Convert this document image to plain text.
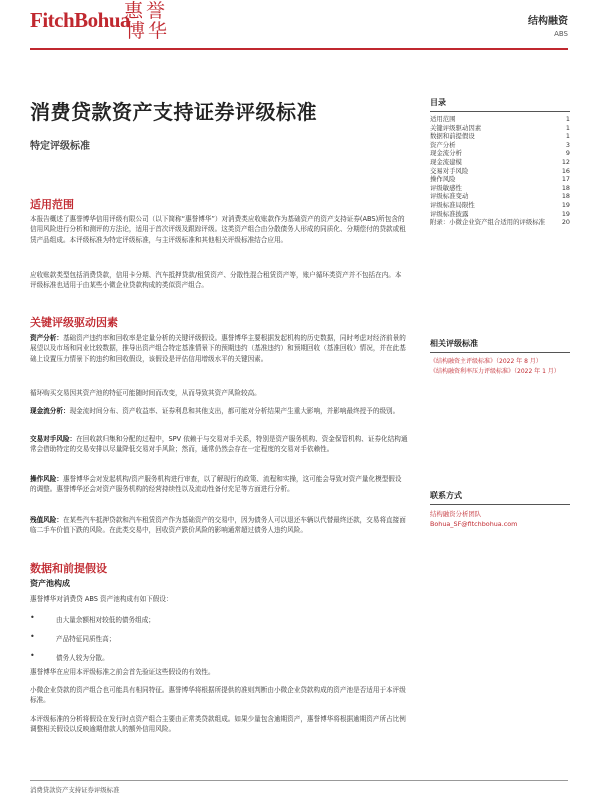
FitchBohua
惠 誉
博 华	结构融资
ABS
消费贷款资产支持证券评级标准
特定评级标准
适用范围
本报告概述了惠誉博华信用评级有限公司（以下简称“惠誉博华”）对消费类应收账款作为基础资产的资产支持证券(ABS)所包含的信用风险进行分析和测评的方法论，适用于首次评级及跟踪评级。这类资产组合由分散债务人形成的同质化、分期偿付的贷款或租赁产品组成。本评级标准为特定评级标准，与主评级标准和其他相关评级标准结合应用。
应收账款类型包括消费贷款，信用卡分期、汽车抵押贷款/租赁资产、分散性混合租赁资产等，账户循环类资产并不包括在内。本评级标准也适用于由某些小微企业贷款构成的类似资产组合。
关键评级驱动因素
资产分析：基础资产违约率和回收率是定量分析的关键评级假设。惠誉博华主要根据发起机构的历史数据，同时考虑对经济前景的展望以及市场和同业比较数据，推导出资产组合特定基准情景下的预期违约（基准违约）和预期回收（基准回收）情况，并在此基础上设置压力情景下的违约和回收假设，该假设是评估信用增级水平的关键因素。
循环购买交易因其资产池的特征可能随时间而改变，从而导致其资产风险较高。
现金流分析：现金流时间分布、资产收益率、证券利息和其他支出，都可能对分析结果产生重大影响，并影响最终授予的级别。
交易对手风险：在回收款归集和分配的过程中，SPV 依赖于与交易对手关系，特别是资产服务机构、资金保管机构、证券化结构通常会借助特定的交易安排以尽量降低交易对手风险；然而，通常仍然会存在一定程度的交易对手依赖性。
操作风险：惠誉博华会对发起机构/资产服务机构进行审查，以了解现行的政策、流程和实操，这可能会导致对资产量化模型假设的调整。惠誉博华还会对资产服务机构的经营持续性以及流动性备付充足等方面进行分析。
残值风险：在某些汽车抵押贷款和汽车租赁资产作为基础资产的交易中，因为债务人可以退还车辆以代替最终还款，交易将直接面临二手车价值下跌的风险。在此类交易中，回收资产跌价风险的影响通常超过债务人违约风险。
数据和前提假设
资产池构成
惠誉博华对消费贷 ABS 资产池构成有如下假设：
•	由大量余额相对较低的债务组成；
•	产品特征同质性高；
•	债务人较为分散。
惠誉博华在应用本评级标准之前会首先验证这些假设的有效性。
小微企业贷款的资产组合也可能具有相同特征。惠誉博华将根据所提供的准则判断由小微企业贷款构成的资产池是否适用于本评级标准。
本评级标准的分析将假设在发行时点资产组合主要由正常类贷款组成。如果少量包含逾期资产，惠誉博华将根据逾期资产所占比例调整相关假设以反映逾期借款人的额外信用风险。
目录
适用范围	1
关键评级驱动因素	1
数据和前提假设	1
资产分析	3
现金流分析	9
现金流建模	12
交易对手风险	16
操作风险	17
评级敏感性	18
评级标准变动	18
评级标准局限性	19
评级标准披露	19
附录：小微企业资产组合适用的评级标准	20
相关评级标准
《结构融资主评级标准》（2022 年 8 月）
《结构融资利率压力评级标准》（2022 年 1 月）
联系方式
结构融资分析团队
Bohua_SF@fitchbohua.com
消费贷款资产支持证券评级标准
